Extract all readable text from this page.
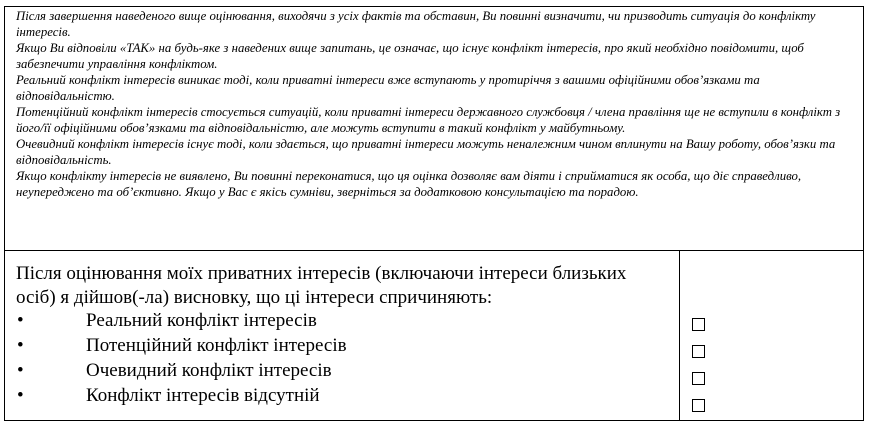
Після завершення наведеного вище оцінювання, виходячи з усіх фактів та обставин, Ви повинні визначити, чи призводить ситуація до конфлікту інтересів.

Якщо Ви відповіли «ТАК» на будь-яке з наведених вище запитань, це означає, що існує конфлікт інтересів, про який необхідно повідомити, щоб забезпечити управління конфліктом.

Реальний конфлікт інтересів виникає тоді, коли приватні інтереси вже вступають у протиріччя з вашими офіційними обов’язками та відповідальністю.

Потенційний конфлікт інтересів стосується ситуацій, коли приватні інтереси державного службовця / члена правління ще не вступили в конфлікт з його/її офіційними обов’язками та відповідальністю, але можуть вступити в такий конфлікт у майбутньому.

Очевидний конфлікт інтересів існує тоді, коли здається, що приватні інтереси можуть неналежним чином вплинути на Вашу роботу, обов’язки та відповідальність.

Якщо конфлікту інтересів не виявлено, Ви повинні переконатися, що ця оцінка дозволяє вам діяти і сприйматися як особа, що діє справедливо, неупереджено та об’єктивно. Якщо у Вас є якісь сумніви, зверніться за додатковою консультацією та порадою.

Після оцінювання моїх приватних інтересів (включаючи інтереси близьких осіб) я дійшов(-ла) висновку, що ці інтереси спричиняють:

•	Реальний конфлікт інтересів
•	Потенційний конфлікт інтересів
•	Очевидний конфлікт інтересів
•	Конфлікт інтересів відсутній
